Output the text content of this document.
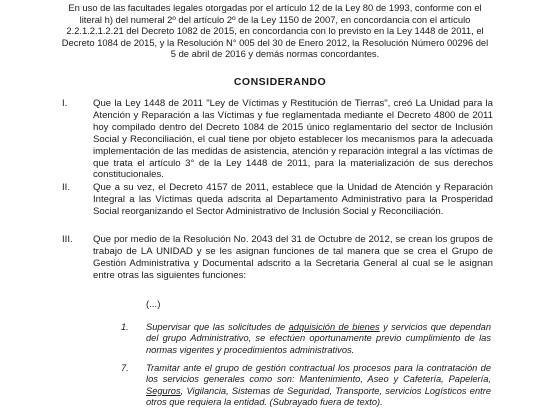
En uso de las facultades legales otorgadas por el artículo 12 de la Ley 80 de 1993, conforme con el literal h) del numeral 2º del artículo 2º de la Ley 1150 de 2007, en concordancia con el artículo 2.2.1.2.1.2.21 del Decreto 1082 de 2015, en concordancia con lo previsto en la Ley 1448 de 2011, el Decreto 1084 de 2015, y la Resolución N° 005 del 30 de Enero 2012, la Resolución Número 00296 del 5 de abril de 2016 y demás normas concordantes.
CONSIDERANDO
I.	Que la Ley 1448 de 2011 "Ley de Víctimas y Restitución de Tierras", creó La Unidad para la Atención y Reparación a las Víctimas y fue reglamentada mediante el Decreto 4800 de 2011 hoy compilado dentro del Decreto 1084 de 2015 único reglamentario del sector de Inclusión Social y Reconciliación, el cual tiene por objeto establecer los mecanismos para la adecuada implementación de las medidas de asistencia, atención y reparación integral a las víctimas de que trata el artículo 3° de la Ley 1448 de 2011, para la materialización de sus derechos constitucionales.
II. Que a su vez, el Decreto 4157 de 2011, establece que la Unidad de Atención y Reparación Integral a las Víctimas queda adscrita al Departamento Administrativo para la Prosperidad Social reorganizando el Sector Administrativo de Inclusión Social y Reconciliación.
III. Que por medio de la Resolución No. 2043 del 31 de Octubre de 2012, se crean los grupos de trabajo de LA UNIDAD y se les asignan funciones de tal manera que se crea el Grupo de Gestión Administrativa y Documental adscrito a la Secretaria General al cual se le asignan entre otras las siguientes funciones:
(...)
1. Supervisar que las solicitudes de adquisición de bienes y servicios que dependan del grupo Administrativo, se efectúen oportunamente previo cumplimiento de las normas vigentes y procedimientos administrativos.
7. Tramitar ante el grupo de gestión contractual los procesos para la contratación de los servicios generales como son: Mantenimiento, Aseo y Cafetería, Papelería, Seguros, Vigilancia, Sistemas de Seguridad, Transporte, servicios Logísticos entre otros que requiera la entidad. (Subrayado fuera de texto).
